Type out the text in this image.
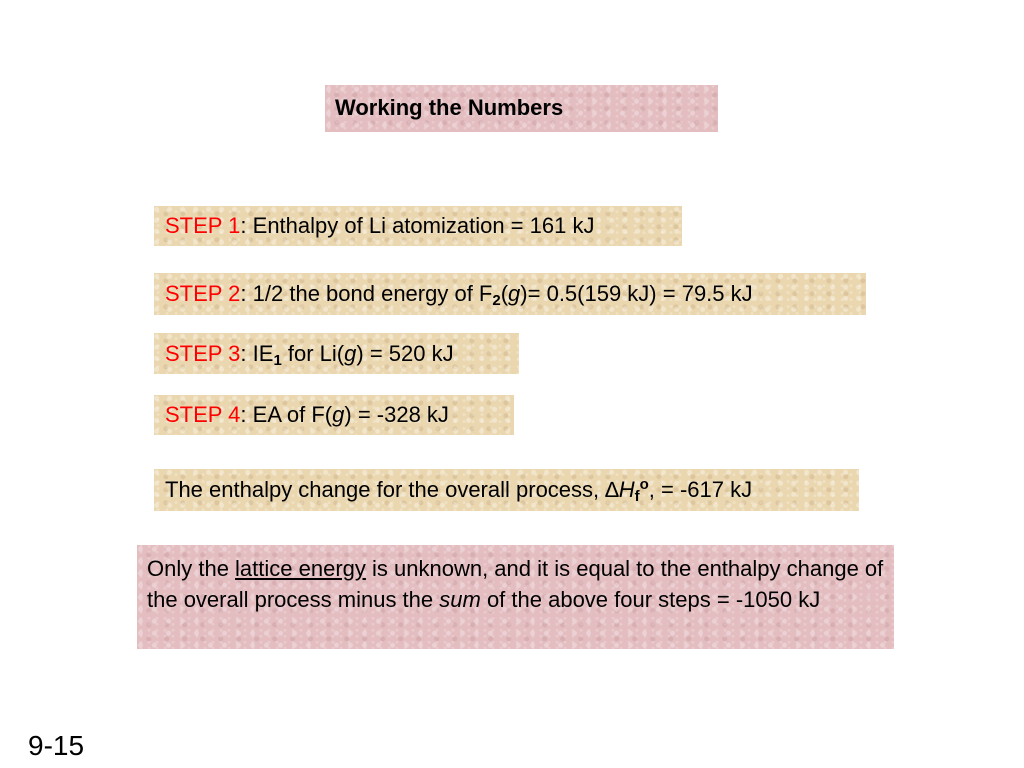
Working the Numbers
STEP 1: Enthalpy of Li atomization = 161 kJ
STEP 2: 1/2 the bond energy of $F_2(g)= 0.5(159$ kJ) = 79.5 kJ
STEP 3: $IE_1$ for Li(g) = 520 kJ
STEP 4: EA of F(g) = -328 kJ
The enthalpy change for the overall process, $\Delta H_f^o$, = -617 kJ
Only the lattice energy is unknown, and it is equal to the enthalpy change of the overall process minus the sum of the above four steps = -1050 kJ
9-15
